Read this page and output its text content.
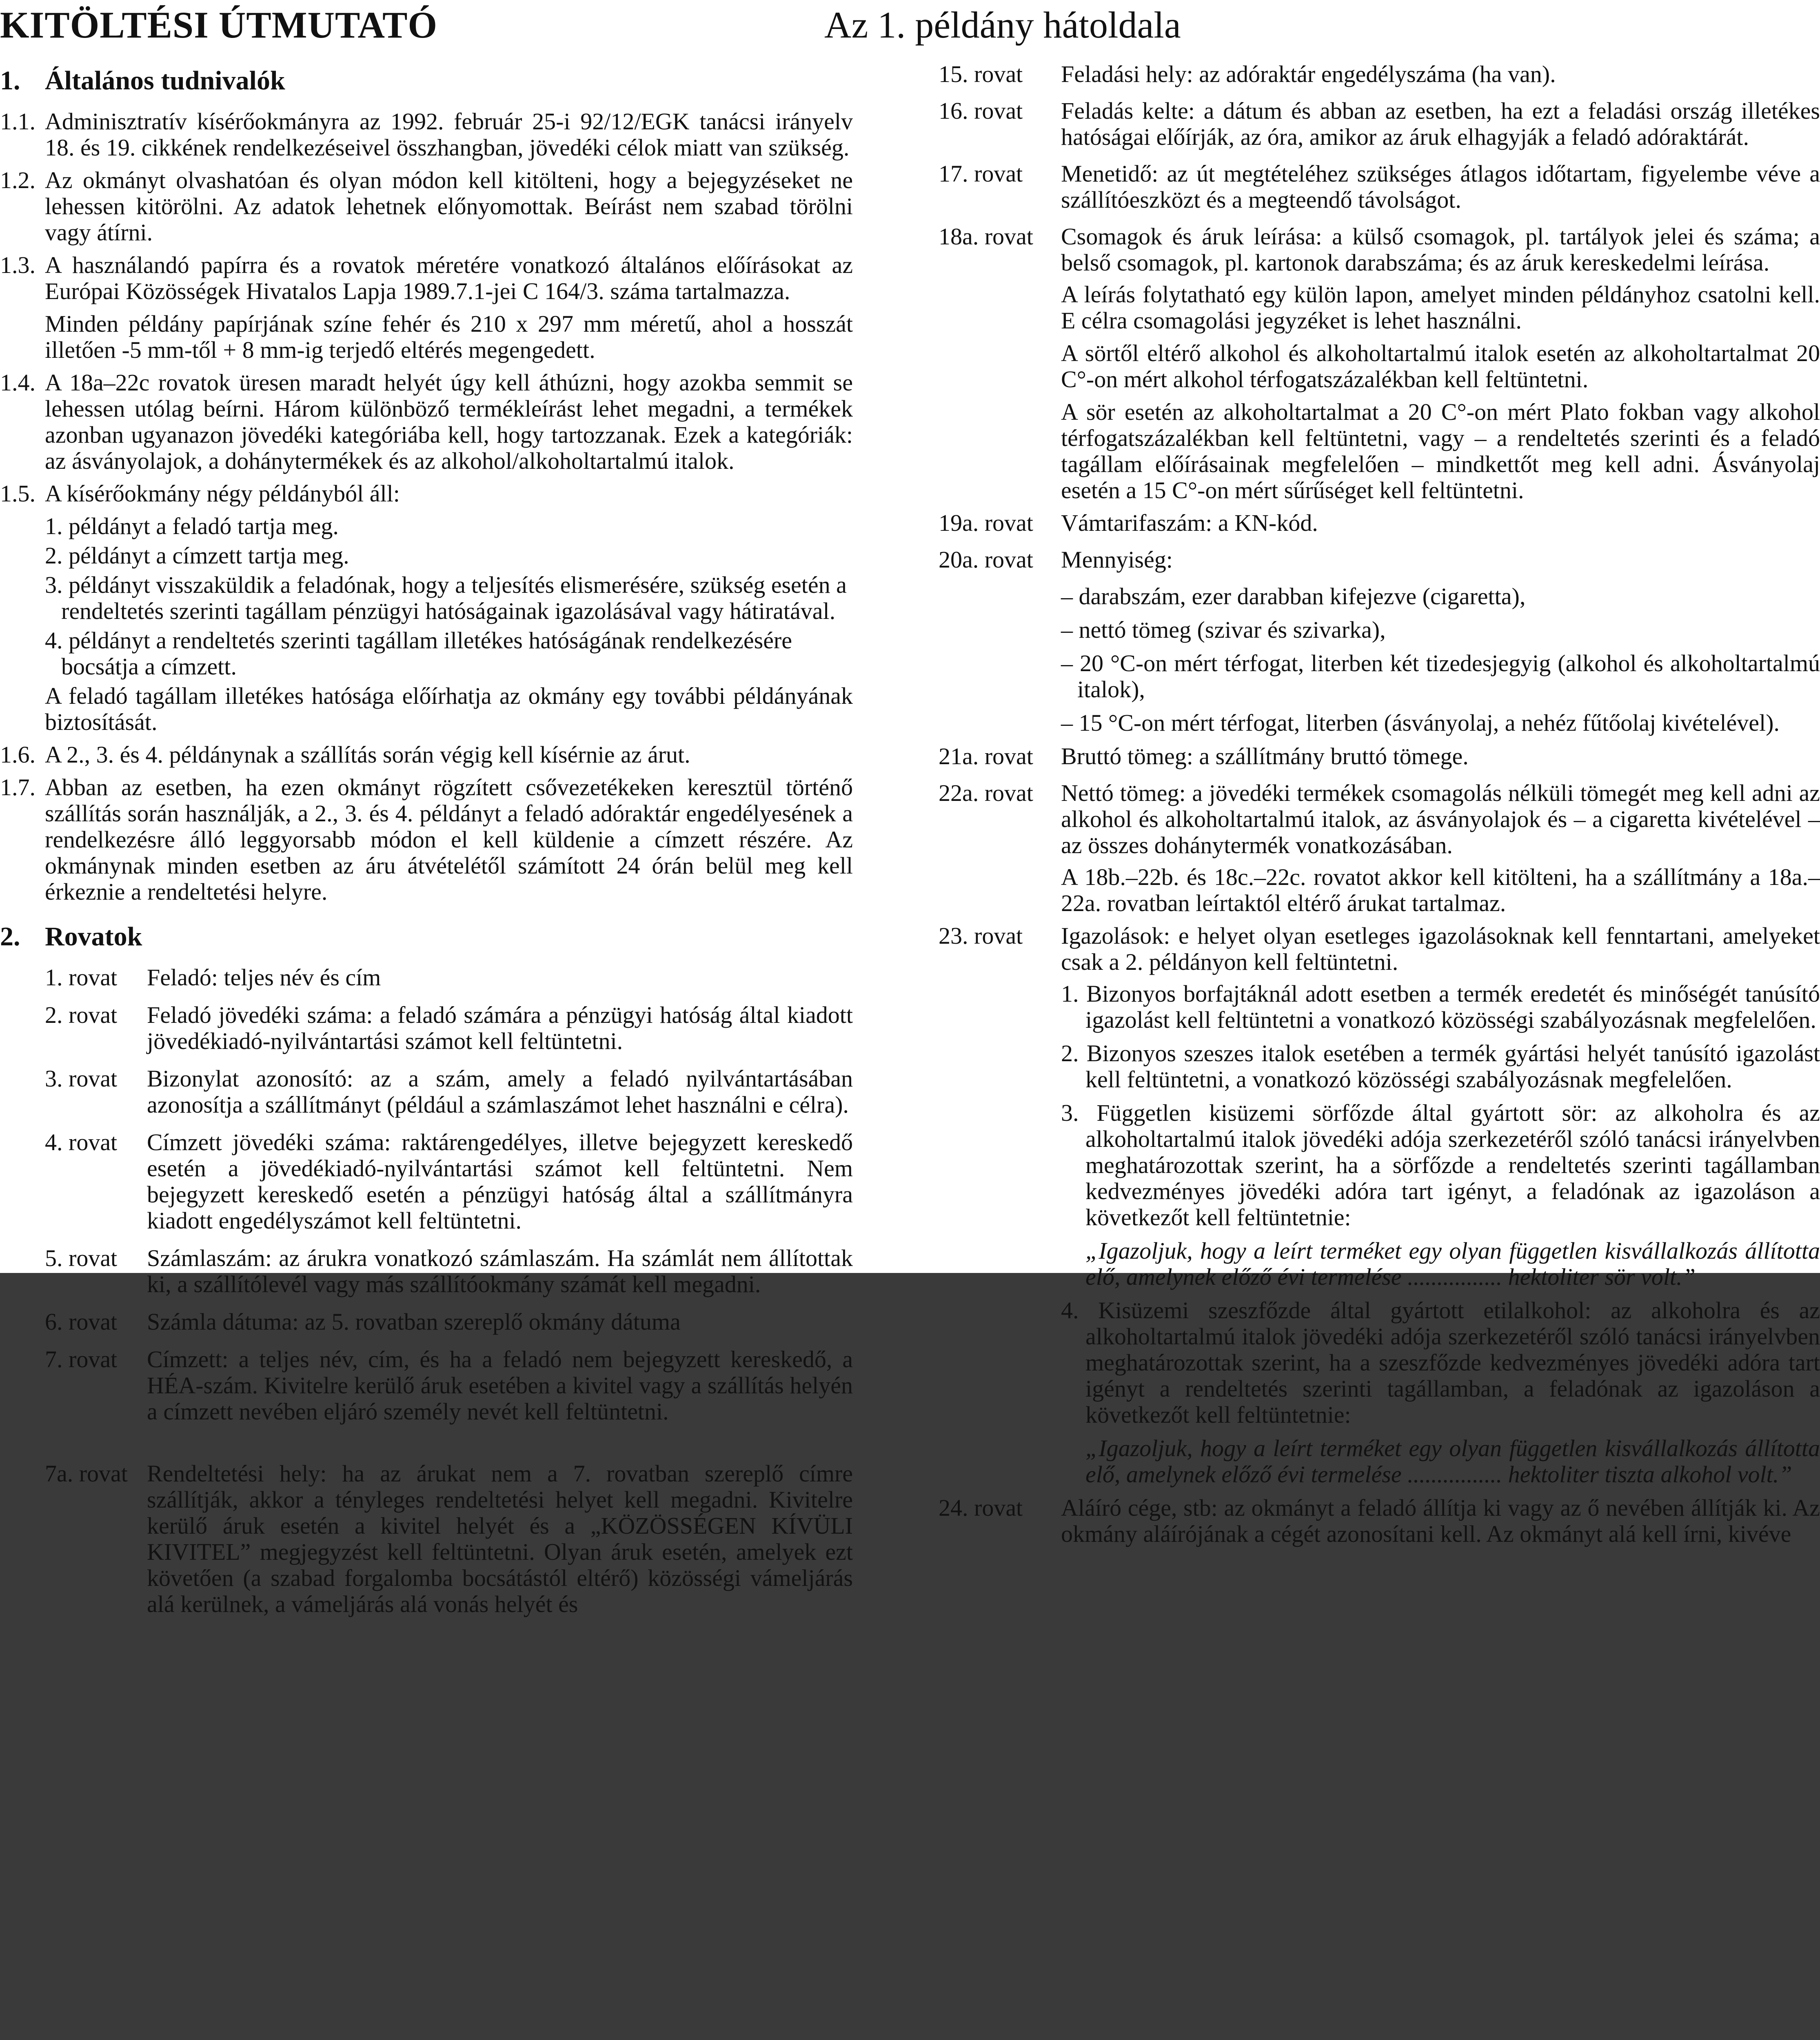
KITÖLTÉSI ÚTMUTATÓ	Az 1. példány hátoldala
1. Általános tudnivalók
1.1. Adminisztratív kísérőokmányra az 1992. február 25-i 92/12/EGK tanácsi irányelv 18. és 19. cikkének rendelkezéseivel összhangban, jövedéki célok miatt van szükség.
1.2. Az okmányt olvashatóan és olyan módon kell kitölteni, hogy a bejegyzéseket ne lehessen kitörölni. Az adatok lehetnek előnyomottak. Beírást nem szabad törölni vagy átírni.
1.3. A használandó papírra és a rovatok méretére vonatkozó általános előírásokat az Európai Közösségek Hivatalos Lapja 1989.7.1-jei C 164/3. száma tartalmazza.
Minden példány papírjának színe fehér és 210 x 297 mm méretű, ahol a hosszát illetően -5 mm-től + 8 mm-ig terjedő eltérés megengedett.
1.4. A 18a–22c rovatok üresen maradt helyét úgy kell áthúzni, hogy azokba semmit se lehessen utólag beírni. Három különböző termékleírást lehet megadni, a termékek azonban ugyanazon jövedéki kategóriába kell, hogy tartozzanak. Ezek a kategóriák: az ásványolajok, a dohánytermékek és az alkohol/alkoholtartalmú italok.
1.5. A kísérőokmány négy példányból áll:
1. példányt a feladó tartja meg.
2. példányt a címzett tartja meg.
3. példányt visszaküldik a feladónak, hogy a teljesítés elismerésére, szükség esetén a rendeltetés szerinti tagállam pénzügyi hatóságainak igazolásával vagy hátiratával.
4. példányt a rendeltetés szerinti tagállam illetékes hatóságának rendelkezésére bocsátja a címzett.
A feladó tagállam illetékes hatósága előírhatja az okmány egy további példányának biztosítását.
1.6. A 2., 3. és 4. példánynak a szállítás során végig kell kísérnie az árut.
1.7. Abban az esetben, ha ezen okmányt rögzített csővezetékeken keresztül történő szállítás során használják, a 2., 3. és 4. példányt a feladó adóraktár engedélyesének a rendelkezésre álló leggyorsabb módon el kell küldenie a címzett részére. Az okmánynak minden esetben az áru átvételétől számított 24 órán belül meg kell érkeznie a rendeltetési helyre.
2. Rovatok
1. rovat Feladó: teljes név és cím
2. rovat Feladó jövedéki száma: a feladó számára a pénzügyi hatóság által kiadott jövedékiadó-nyilvántartási számot kell feltüntetni.
3. rovat Bizonylat azonosító: az a szám, amely a feladó nyilvántartásában azonosítja a szállítmányt (például a számlaszámot lehet használni e célra).
4. rovat Címzett jövedéki száma: raktárengedélyes, illetve bejegyzett kereskedő esetén a jövedékiadó-nyilvántartási számot kell feltüntetni. Nem bejegyzett kereskedő esetén a pénzügyi hatóság által a szállítmányra kiadott engedélyszámot kell feltüntetni.
5. rovat Számlaszám: az árukra vonatkozó számlaszám. Ha számlát nem állítottak ki, a szállítólevél vagy más szállítóokmány számát kell megadni.
6. rovat Számla dátuma: az 5. rovatban szereplő okmány dátuma
7. rovat Címzett: a teljes név, cím, és ha a feladó nem bejegyzett kereskedő, a HÉA-szám. Kivitelre kerülő áruk esetében a kivitel vagy a szállítás helyén a címzett nevében eljáró személy nevét kell feltüntetni.
7a. rovat Rendeltetési hely: ha az árukat nem a 7. rovatban szereplő címre szállítják, akkor a tényleges rendeltetési helyet kell megadni. Kivitelre kerülő áruk esetén a kivitel helyét és a „KÖZÖSSÉGEN KÍVÜLI KIVITEL” megjegyzést kell feltüntetni. Olyan áruk esetén, amelyek ezt követően (a szabad forgalomba bocsátástól eltérő) közösségi vámeljárás alá kerülnek, a vámeljárás alá vonás helyét és
15. rovat Feladási hely: az adóraktár engedélyszáma (ha van).
16. rovat Feladás kelte: a dátum és abban az esetben, ha ezt a feladási ország illetékes hatóságai előírják, az óra, amikor az áruk elhagyják a feladó adóraktárát.
17. rovat Menetidő: az út megtételéhez szükséges átlagos időtartam, figyelembe véve a szállítóeszközt és a megteendő távolságot.
18a. rovat Csomagok és áruk leírása: a külső csomagok, pl. tartályok jelei és száma; a belső csomagok, pl. kartonok darabszáma; és az áruk kereskedelmi leírása.
A leírás folytatható egy külön lapon, amelyet minden példányhoz csatolni kell. E célra csomagolási jegyzéket is lehet használni.
A sörtől eltérő alkohol és alkoholtartalmú italok esetén az alkoholtartalmat 20 C°-on mért alkohol térfogatszázalékban kell feltüntetni.
A sör esetén az alkoholtartalmat a 20 C°-on mért Plato fokban vagy alkohol térfogatszázalékban kell feltüntetni, vagy – a rendeltetés szerinti és a feladó tagállam előírásainak megfelelően – mindkettőt meg kell adni. Ásványolaj esetén a 15 C°-on mért sűrűséget kell feltüntetni.
19a. rovat Vámtarifaszám: a KN-kód.
20a. rovat Mennyiség:
– darabszám, ezer darabban kifejezve (cigaretta),
– nettó tömeg (szivar és szivarka),
– 20 °C-on mért térfogat, literben két tizedesjegyig (alkohol és alkoholtartalmú italok),
– 15 °C-on mért térfogat, literben (ásványolaj, a nehéz fűtőolaj kivételével).
21a. rovat Bruttó tömeg: a szállítmány bruttó tömege.
22a. rovat Nettó tömeg: a jövedéki termékek csomagolás nélküli tömegét meg kell adni az alkohol és alkoholtartalmú italok, az ásványolajok és – a cigaretta kivételével – az összes dohánytermék vonatkozásában.
A 18b.–22b. és 18c.–22c. rovatot akkor kell kitölteni, ha a szállítmány a 18a.–22a. rovatban leírtaktól eltérő árukat tartalmaz.
23. rovat Igazolások: e helyet olyan esetleges igazolásoknak kell fenntartani, amelyeket csak a 2. példányon kell feltüntetni.
1. Bizonyos borfajtáknál adott esetben a termék eredetét és minőségét tanúsító igazolást kell feltüntetni a vonatkozó közösségi szabályozásnak megfelelően.
2. Bizonyos szeszes italok esetében a termék gyártási helyét tanúsító igazolást kell feltüntetni, a vonatkozó közösségi szabályozásnak megfelelően.
3. Független kisüzemi sörfőzde által gyártott sör: az alkoholra és az alkoholtartalmú italok jövedéki adója szerkezetéről szóló tanácsi irányelvben meghatározottak szerint, ha a sörfőzde a rendeltetés szerinti tagállamban kedvezményes jövedéki adóra tart igényt, a feladónak az igazoláson a következőt kell feltüntetnie:
„Igazoljuk, hogy a leírt terméket egy olyan független kisvállalkozás állította elő, amelynek előző évi termelése ................ hektoliter sör volt.”
4. Kisüzemi szeszfőzde által gyártott etilalkohol: az alkoholra és az alkoholtartalmú italok jövedéki adója szerkezetéről szóló tanácsi irányelvben meghatározottak szerint, ha a szeszfőzde kedvezményes jövedéki adóra tart igényt a rendeltetés szerinti tagállamban, a feladónak az igazoláson a következőt kell feltüntetnie:
„Igazoljuk, hogy a leírt terméket egy olyan független kisvállalkozás állította elő, amelynek előző évi termelése ................ hektoliter tiszta alkohol volt.”
24. rovat Aláíró cége, stb: az okmányt a feladó állítja ki vagy az ő nevében állítják ki. Az okmány aláírójának a cégét azonosítani kell. Az okmányt alá kell írni, kivéve
